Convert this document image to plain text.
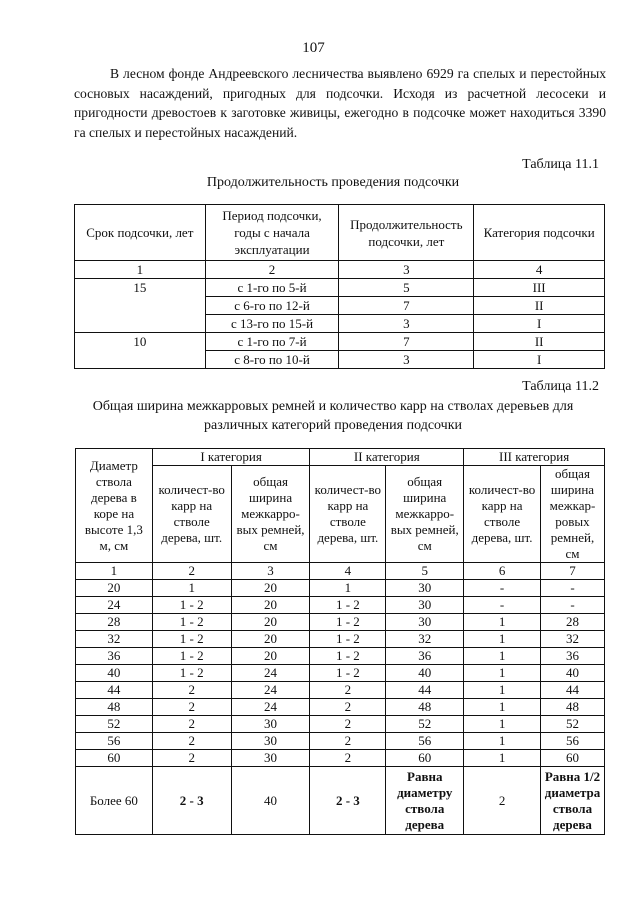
107
В лесном фонде Андреевского лесничества выявлено 6929 га спелых и перестойных сосновых насаждений, пригодных для подсочки. Исходя из расчетной лесосеки и пригодности древостоев к заготовке живицы, ежегодно в подсочке может находиться 3390 га спелых и перестойных насаждений.
Таблица 11.1
Продолжительность проведения подсочки
Срок подсочки, лет	Период подсочки, годы с начала эксплуатации	Продолжительность подсочки, лет	Категория подсочки
1	2	3	4
15	с 1-го по 5-й	5	III
	с 6-го по 12-й	7	II
	с 13-го по 15-й	3	I
10	с 1-го по 7-й	7	II
	с 8-го по 10-й	3	I
Таблица 11.2
Общая ширина межкарровых ремней и количество карр на стволах деревьев для различных категорий проведения подсочки
Диаметр ствола дерева в коре на высоте 1,3 м, см	I категория		II категория		III категория	
	количест-во карр на стволе дерева, шт.	общая ширина межкарро-вых ремней, см	количест-во карр на стволе дерева, шт.	общая ширина межкарро-вых ремней, см	количест-во карр на стволе дерева, шт.	общая ширина межкар-ровых ремней, см
1	2	3	4	5	6	7
20	1	20	1	30	-	-
24	1 - 2	20	1 - 2	30	-	-
28	1 - 2	20	1 - 2	30	1	28
32	1 - 2	20	1 - 2	32	1	32
36	1 - 2	20	1 - 2	36	1	36
40	1 - 2	24	1 - 2	40	1	40
44	2	24	2	44	1	44
48	2	24	2	48	1	48
52	2	30	2	52	1	52
56	2	30	2	56	1	56
60	2	30	2	60	1	60
Более 60	2 - 3	40	2 - 3	Равна диаметру ствола дерева	2	Равна 1/2 диаметра ствола дерева
